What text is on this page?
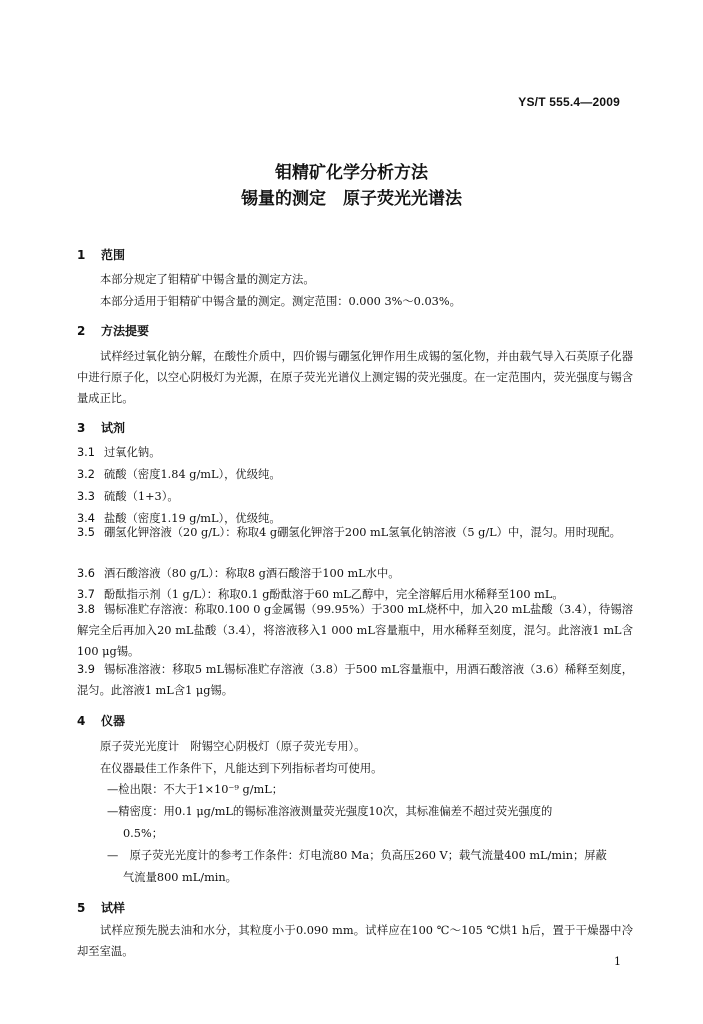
YS/T 555.4—2009
钼精矿化学分析方法
锡量的测定　原子荧光光谱法
1 范围
本部分规定了钼精矿中锡含量的测定方法。
本部分适用于钼精矿中锡含量的测定。测定范围：0.000 3%～0.03%。
2 方法提要
试样经过氧化钠分解，在酸性介质中，四价锡与硼氢化钾作用生成锡的氢化物，并由载气导入石英原子化器中进行原子化，以空心阴极灯为光源，在原子荧光光谱仪上测定锡的荧光强度。在一定范围内，荧光强度与锡含量成正比。
3 试剂
3.1 过氧化钠。
3.2 硫酸（密度1.84 g/mL），优级纯。
3.3 硫酸（1+3）。
3.4 盐酸（密度1.19 g/mL），优级纯。
3.5 硼氢化钾溶液（20 g/L）：称取4 g硼氢化钾溶于200 mL氢氧化钠溶液（5 g/L）中，混匀。用时现配。
3.6 酒石酸溶液（80 g/L）：称取8 g酒石酸溶于100 mL水中。
3.7 酚酞指示剂（1 g/L）：称取0.1 g酚酞溶于60 mL乙醇中，完全溶解后用水稀释至100 mL。
3.8 锡标准贮存溶液：称取0.100 0 g金属锡（99.95%）于300 mL烧杯中，加入20 mL盐酸（3.4），待锡溶解完全后再加入20 mL盐酸（3.4），将溶液移入1 000 mL容量瓶中，用水稀释至刻度，混匀。此溶液1 mL含100 μg锡。
3.9 锡标准溶液：移取5 mL锡标准贮存溶液（3.8）于500 mL容量瓶中，用酒石酸溶液（3.6）稀释至刻度，混匀。此溶液1 mL含1 μg锡。
4 仪器
原子荧光光度计　附锡空心阴极灯（原子荧光专用）。
在仪器最佳工作条件下，凡能达到下列指标者均可使用。
—检出限：不大于1×10⁻⁹ g/mL；
—精密度：用0.1 μg/mL的锡标准溶液测量荧光强度10次，其标准偏差不超过荧光强度的
0.5%；
—　原子荧光光度计的参考工作条件：灯电流80 Ma；负高压260 V；载气流量400 mL/min；屏蔽
气流量800 mL/min。
5 试样
试样应预先脱去油和水分，其粒度小于0.090 mm。试样应在100 ℃～105 ℃烘1 h后，置于干燥器中冷却至室温。
1
